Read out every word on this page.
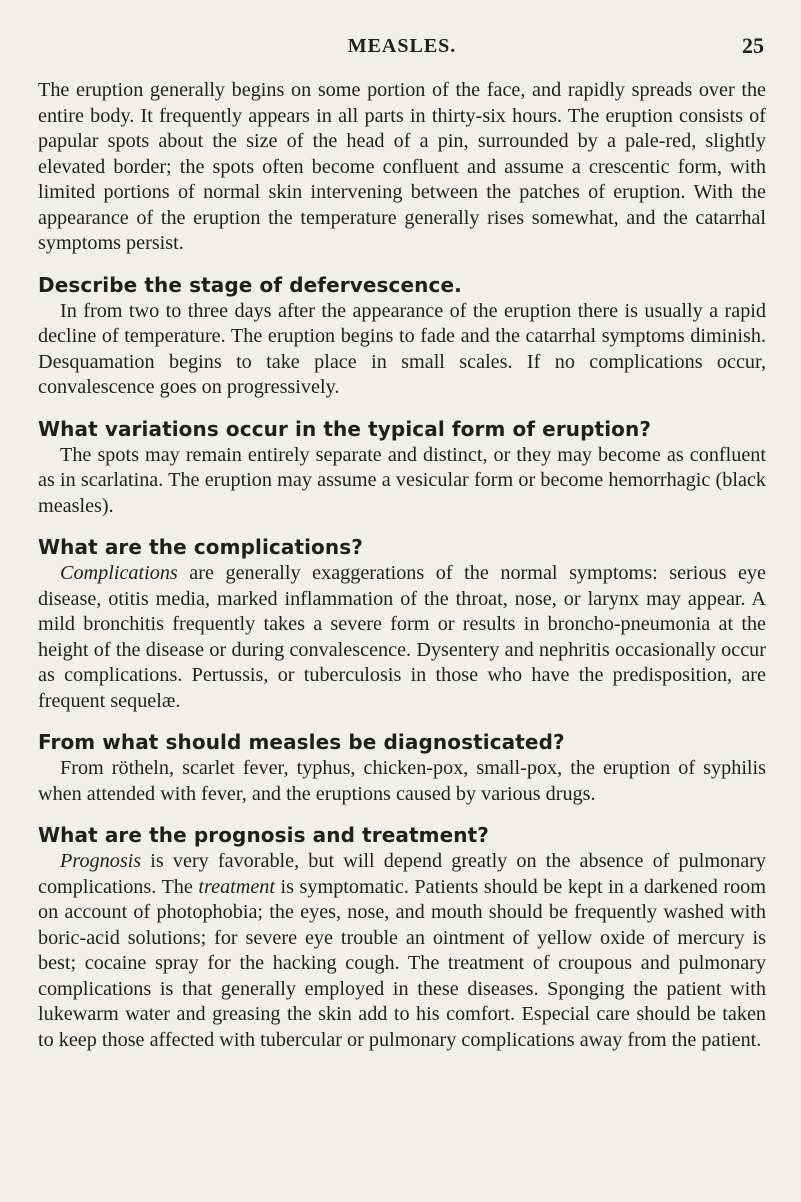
MEASLES.	25

The eruption generally begins on some portion of the face, and rapidly spreads over the entire body. It frequently appears in all parts in thirty-six hours. The eruption consists of papular spots about the size of the head of a pin, surrounded by a pale-red, slightly elevated border; the spots often become confluent and assume a crescentic form, with limited portions of normal skin intervening between the patches of eruption. With the appearance of the eruption the temperature generally rises somewhat, and the catarrhal symptoms persist.

Describe the stage of defervescence.

In from two to three days after the appearance of the eruption there is usually a rapid decline of temperature. The eruption begins to fade and the catarrhal symptoms diminish. Desquamation begins to take place in small scales. If no complications occur, convalescence goes on progressively.

What variations occur in the typical form of eruption?

The spots may remain entirely separate and distinct, or they may become as confluent as in scarlatina. The eruption may assume a vesicular form or become hemorrhagic (black measles).

What are the complications?

Complications are generally exaggerations of the normal symptoms: serious eye disease, otitis media, marked inflammation of the throat, nose, or larynx may appear. A mild bronchitis frequently takes a severe form or results in broncho-pneumonia at the height of the disease or during convalescence. Dysentery and nephritis occasionally occur as complications. Pertussis, or tuberculosis in those who have the predisposition, are frequent sequelæ.

From what should measles be diagnosticated?

From rötheln, scarlet fever, typhus, chicken-pox, small-pox, the eruption of syphilis when attended with fever, and the eruptions caused by various drugs.

What are the prognosis and treatment?

Prognosis is very favorable, but will depend greatly on the absence of pulmonary complications. The treatment is symptomatic. Patients should be kept in a darkened room on account of photophobia; the eyes, nose, and mouth should be frequently washed with boric-acid solutions; for severe eye trouble an ointment of yellow oxide of mercury is best; cocaine spray for the hacking cough. The treatment of croupous and pulmonary complications is that generally employed in these diseases. Sponging the patient with lukewarm water and greasing the skin add to his comfort. Especial care should be taken to keep those affected with tubercular or pulmonary complications away from the patient.
